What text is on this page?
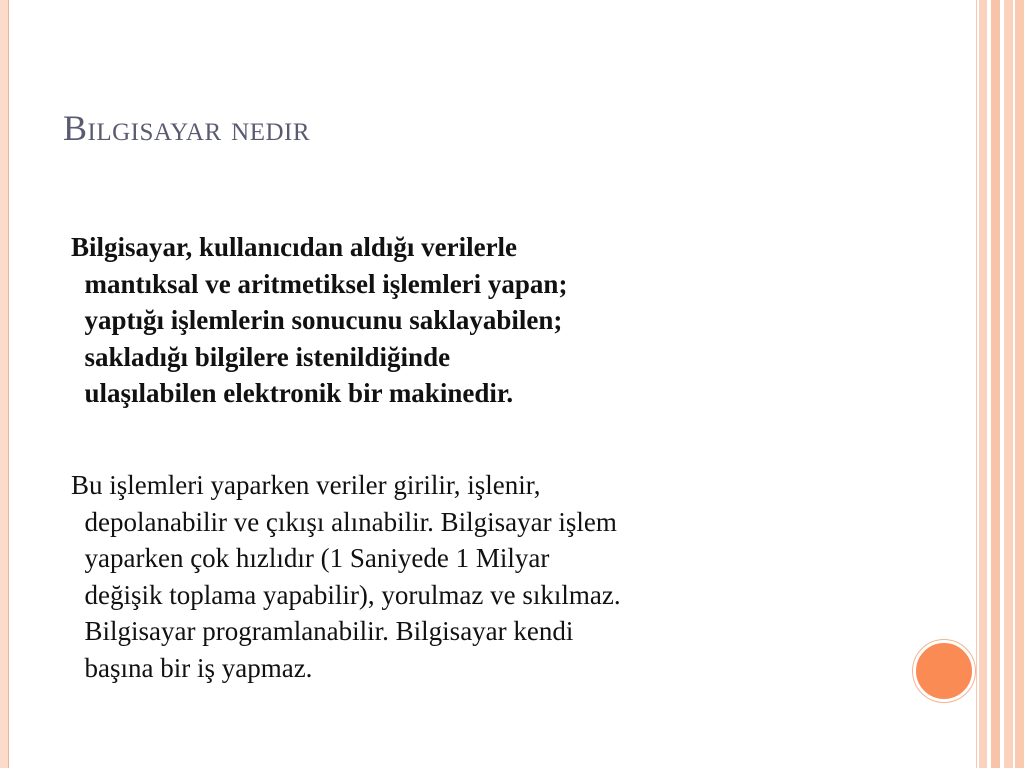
Bilgisayar nedir

Bilgisayar, kullanıcıdan aldığı verilerle
mantıksal ve aritmetiksel işlemleri yapan;
yaptığı işlemlerin sonucunu saklayabilen;
sakladığı bilgilere istenildiğinde
ulaşılabilen elektronik bir makinedir.

Bu işlemleri yaparken veriler girilir, işlenir,
depolanabilir ve çıkışı alınabilir. Bilgisayar işlem
yaparken çok hızlıdır (1 Saniyede 1 Milyar
değişik toplama yapabilir), yorulmaz ve sıkılmaz.
Bilgisayar programlanabilir. Bilgisayar kendi
başına bir iş yapmaz.
